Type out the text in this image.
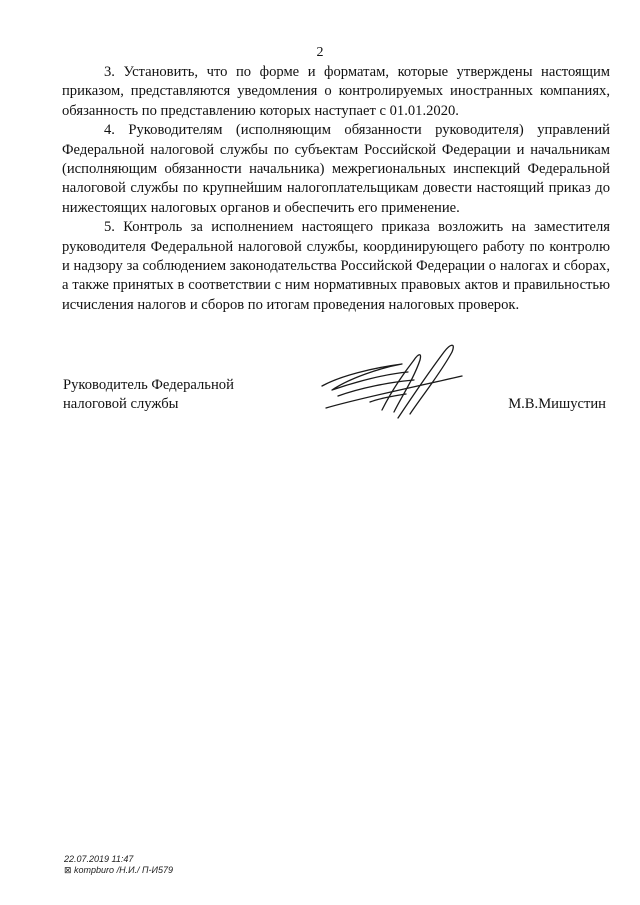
2

3. Установить, что по форме и форматам, которые утверждены настоящим приказом, представляются уведомления о контролируемых иностранных компаниях, обязанность по представлению которых наступает с 01.01.2020.

4. Руководителям (исполняющим обязанности руководителя) управлений Федеральной налоговой службы по субъектам Российской Федерации и начальникам (исполняющим обязанности начальника) межрегиональных инспекций Федеральной налоговой службы по крупнейшим налогоплательщикам довести настоящий приказ до нижестоящих налоговых органов и обеспечить его применение.

5. Контроль за исполнением настоящего приказа возложить на заместителя руководителя Федеральной налоговой службы, координирующего работу по контролю и надзору за соблюдением законодательства Российской Федерации о налогах и сборах, а также принятых в соответствии с ним нормативных правовых актов и правильностью исчисления налогов и сборов по итогам проведения налоговых проверок.

Руководитель Федеральной
налоговой службы	М.В.Мишустин
22.07.2019 11:47
⊠ kompburo /Н.И./ П-И579
